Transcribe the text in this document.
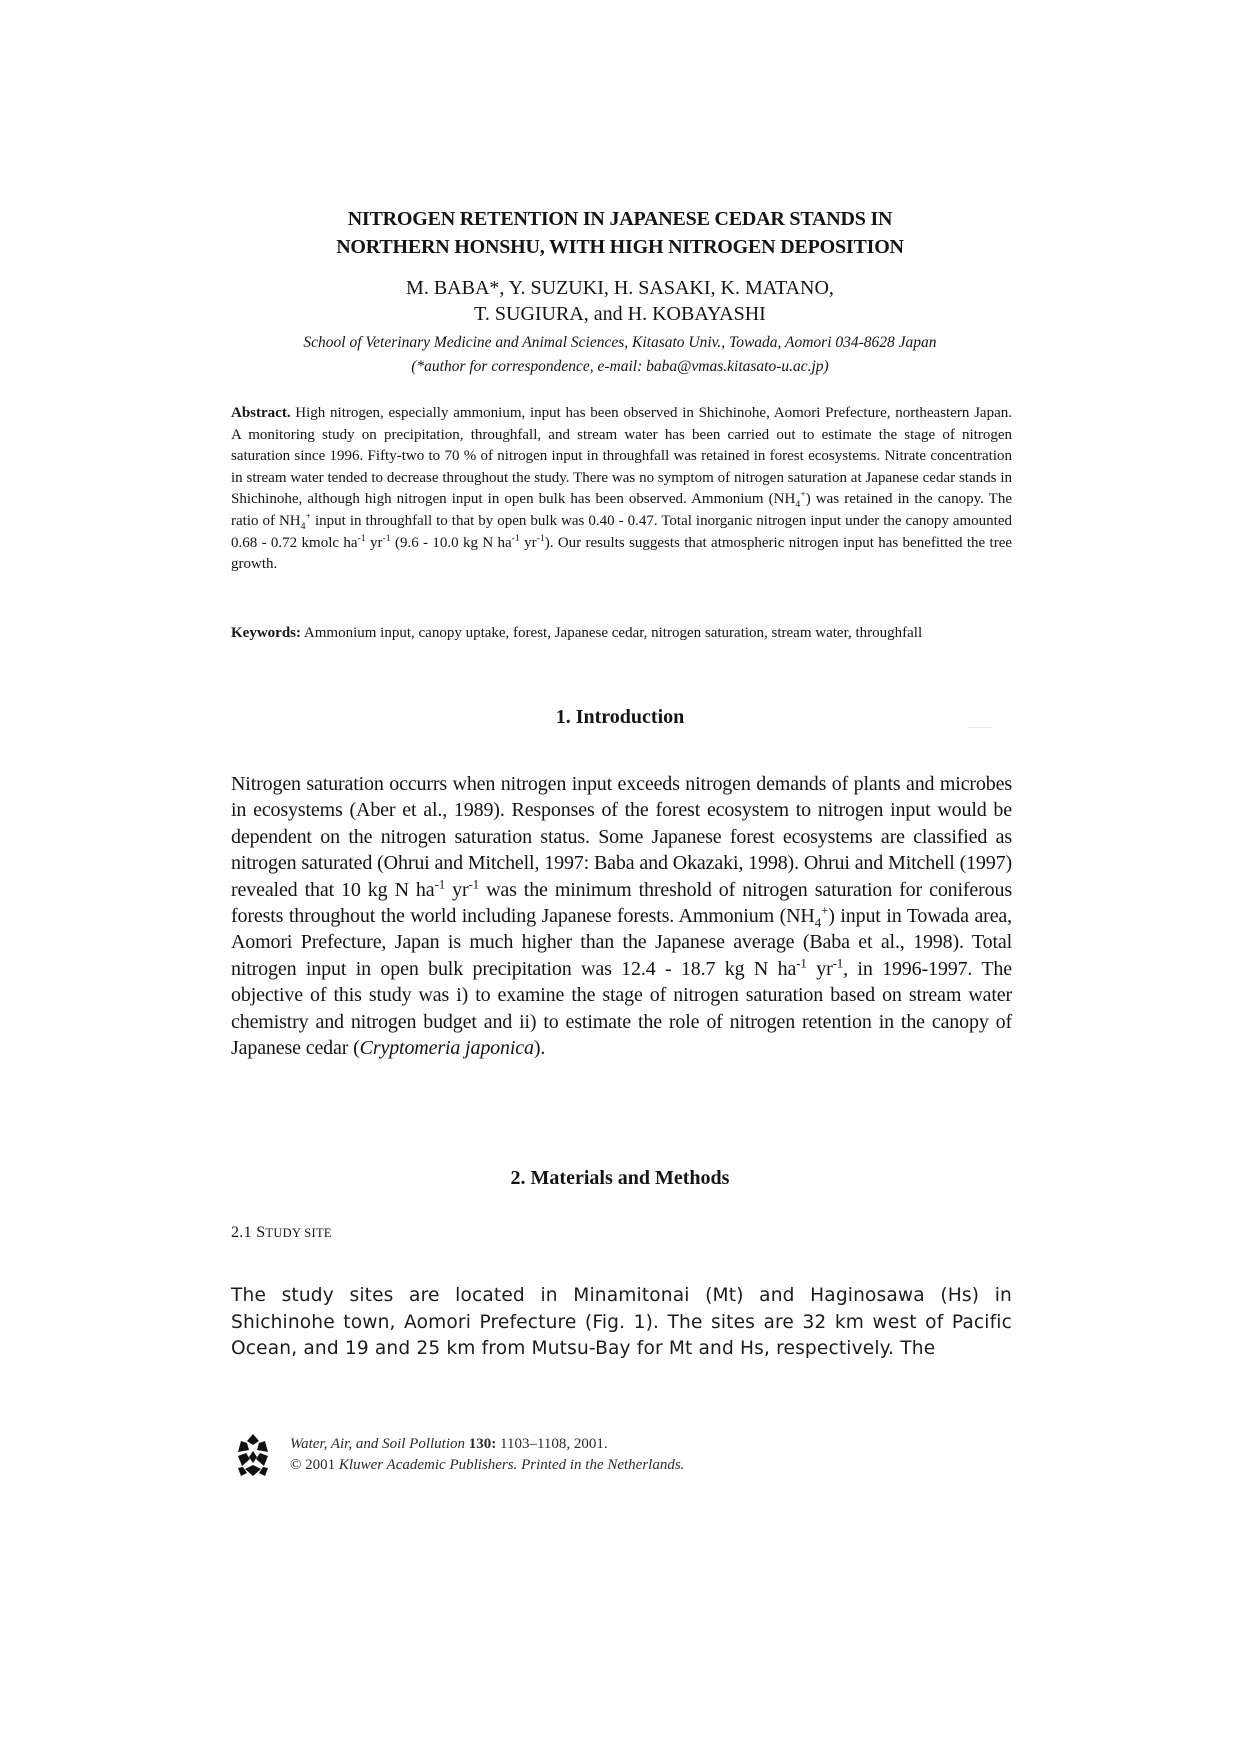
NITROGEN RETENTION IN JAPANESE CEDAR STANDS IN
NORTHERN HONSHU, WITH HIGH NITROGEN DEPOSITION
M. BABA*, Y. SUZUKI, H. SASAKI, K. MATANO,
T. SUGIURA, and H. KOBAYASHI
School of Veterinary Medicine and Animal Sciences, Kitasato Univ., Towada, Aomori 034-8628 Japan
(*author for correspondence, e-mail: baba@vmas.kitasato-u.ac.jp)

Abstract. High nitrogen, especially ammonium, input has been observed in Shichinohe, Aomori Prefecture, northeastern Japan. A monitoring study on precipitation, throughfall, and stream water has been carried out to estimate the stage of nitrogen saturation since 1996. Fifty-two to 70 % of nitrogen input in throughfall was retained in forest ecosystems. Nitrate concentration in stream water tended to decrease throughout the study. There was no symptom of nitrogen saturation at Japanese cedar stands in Shichinohe, although high nitrogen input in open bulk has been observed. Ammonium $(NH_4^+)$ was retained in the canopy. The ratio of $NH_4^+$ input in throughfall to that by open bulk was 0.40 - 0.47. Total inorganic nitrogen input under the canopy amounted 0.68 - 0.72 kmolc $ha^{-1}$ $yr^{-1}$ (9.6 - 10.0 kg N $ha^{-1}$ $yr^{-1}$). Our results suggests that atmospheric nitrogen input has benefitted the tree growth.

Keywords: Ammonium input, canopy uptake, forest, Japanese cedar, nitrogen saturation, stream water, throughfall

1. Introduction

Nitrogen saturation occurrs when nitrogen input exceeds nitrogen demands of plants and microbes in ecosystems (Aber et al., 1989). Responses of the forest ecosystem to nitrogen input would be dependent on the nitrogen saturation status. Some Japanese forest ecosystems are classified as nitrogen saturated (Ohrui and Mitchell, 1997: Baba and Okazaki, 1998). Ohrui and Mitchell (1997) revealed that 10 kg N $ha^{-1}$ $yr^{-1}$ was the minimum threshold of nitrogen saturation for coniferous forests throughout the world including Japanese forests. Ammonium $(NH_4^+)$ input in Towada area, Aomori Prefecture, Japan is much higher than the Japanese average (Baba et al., 1998). Total nitrogen input in open bulk precipitation was 12.4 - 18.7 kg N $ha^{-1}$ $yr^{-1}$, in 1996-1997. The objective of this study was i) to examine the stage of nitrogen saturation based on stream water chemistry and nitrogen budget and ii) to estimate the role of nitrogen retention in the canopy of Japanese cedar (Cryptomeria japonica).

2. Materials and Methods
2.1 STUDY SITE

The study sites are located in Minamitonai (Mt) and Haginosawa (Hs) in Shichinohe town, Aomori Prefecture (Fig. 1). The sites are 32 km west of Pacific Ocean, and 19 and 25 km from Mutsu-Bay for Mt and Hs, respectively. The

Water, Air, and Soil Pollution 130: 1103–1108, 2001.
© 2001 Kluwer Academic Publishers. Printed in the Netherlands.
